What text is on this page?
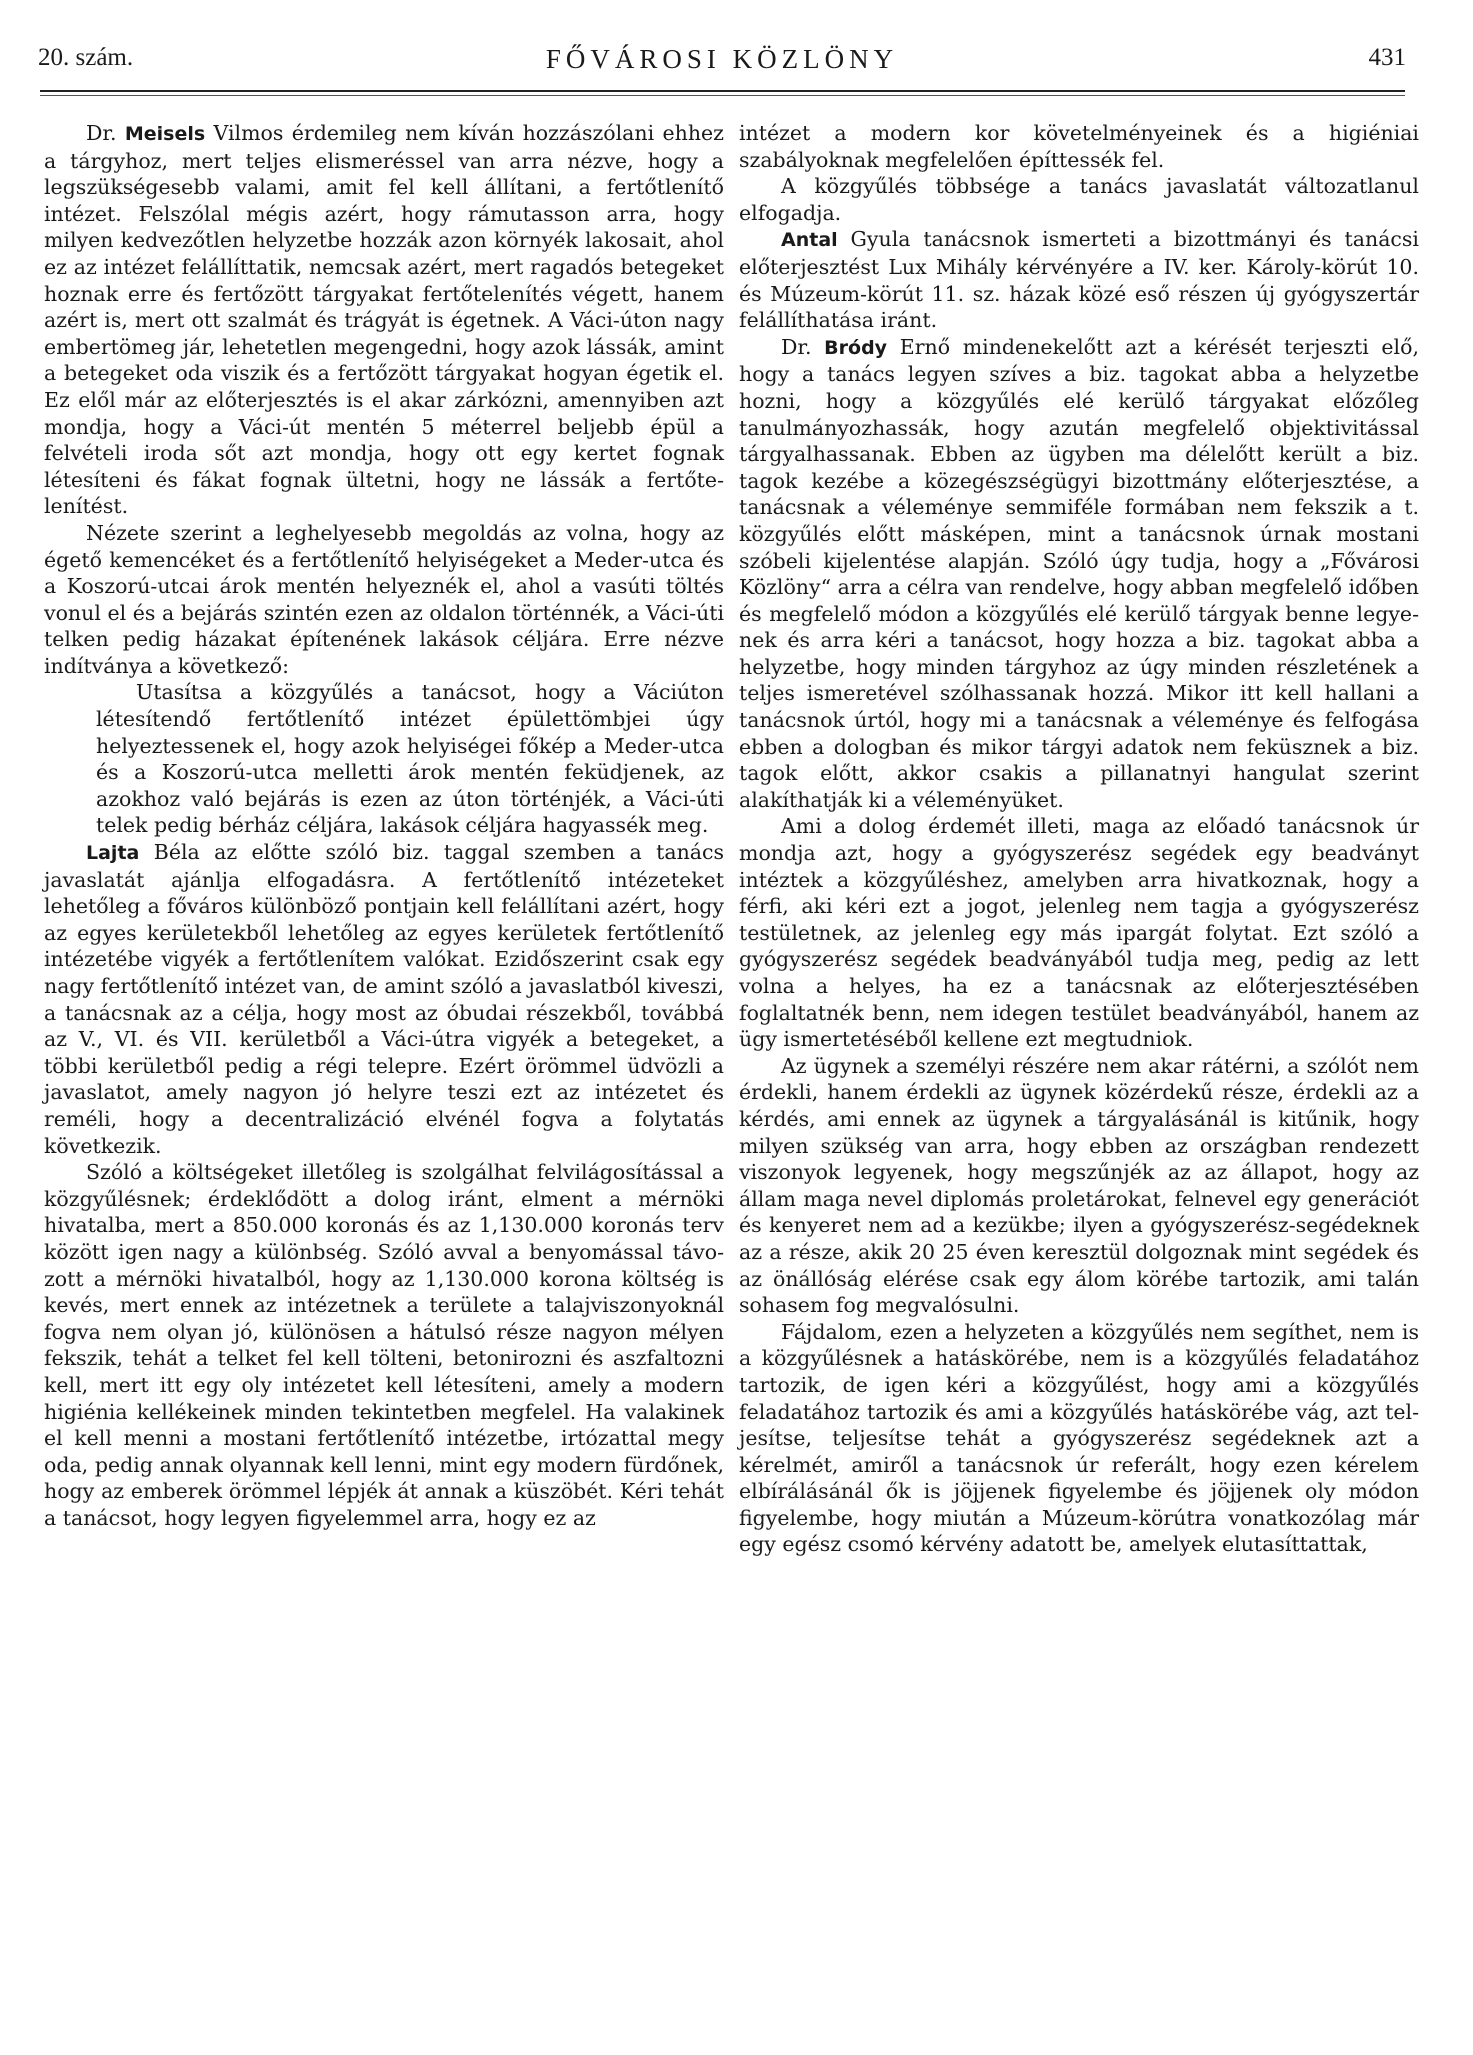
20. szám.	FŐVÁROSI KÖZLÖNY	431

Dr. Meisels Vilmos érdemileg nem kíván hozzászólani ehhez a tárgyhoz, mert teljes elismeréssel van arra nézve, hogy a legszükségesebb valami, amit fel kell állítani, a fertőtlenítő intézet. Felszólal mégis azért, hogy rámutasson arra, hogy milyen kedvezőtlen helyzetbe hozzák azon környék lakosait, ahol ez az intézet felállíttatik, nemcsak azért, mert ragadós betegeket hoznak erre és fertőzött tárgyakat fertőtelenítés végett, hanem azért is, mert ott szalmát és trágyát is égetnek. A Váci-úton nagy embertömeg jár, lehetetlen megengedni, hogy azok lássák, amint a betegeket oda viszik és a fertőzött tárgyakat hogyan égetik el. Ez elől már az előterjesztés is el akar zárkózni, amennyiben azt mondja, hogy a Váci-út mentén 5 méterrel beljebb épül a felvételi iroda sőt azt mondja, hogy ott egy kertet fognak létesíteni és fákat fognak ültetni, hogy ne lássák a fertőtelenítést.

Nézete szerint a leghelyesebb megoldás az volna, hogy az égető kemencéket és a fertőtlenítő helyiségeket a Meder-utca és a Koszorú-utcai árok mentén helyeznék el, ahol a vasúti töltés vonul el és a bejárás szintén ezen az oldalon történnék, a Váci-úti telken pedig házakat építenének lakások céljára. Erre nézve indítványa a következő:

Utasítsa a közgyűlés a tanácsot, hogy a Váciúton létesítendő fertőtlenítő intézet épülettömbjei úgy helyeztessenek el, hogy azok helyiségei főkép a Meder-utca és a Koszorú-utca melletti árok mentén feküdjenek, az azokhoz való bejárás is ezen az úton történjék, a Váci-úti telek pedig bérház céljára, lakások céljára hagyassék meg.

Lajta Béla az előtte szóló biz. taggal szemben a tanács javaslatát ajánlja elfogadásra. A fertőtlenítő intézeteket lehetőleg a főváros különböző pontjain kell felállítani azért, hogy az egyes kerületekből lehetőleg az egyes kerületek fertőtlenítő intézetébe vigyék a fertőtlenítem valókat. Ezidőszerint csak egy nagy fertőtlenítő intézet van, de amint szóló a javaslatból kiveszi, a tanácsnak az a célja, hogy most az óbudai részekből, továbbá az V., VI. és VII. kerületből a Váci-útra vigyék a betegeket, a többi kerületből pedig a régi telepre. Ezért örömmel üdvözli a javaslatot, amely nagyon jó helyre teszi ezt az intézetet és reméli, hogy a decentralizáció elvénél fogva a folytatás következik.

Szóló a költségeket illetőleg is szolgálhat felvilágosítással a közgyűlésnek; érdeklődött a dolog iránt, elment a mérnöki hivatalba, mert a 850.000 koronás és az 1,130.000 koronás terv között igen nagy a különbség. Szóló avval a benyomással távozott a mérnöki hivatalból, hogy az 1,130.000 korona költség is kevés, mert ennek az intézetnek a területe a talajviszonyoknál fogva nem olyan jó, különösen a hátulsó része nagyon mélyen fekszik, tehát a telket fel kell tölteni, betonirozni és aszfaltozni kell, mert itt egy oly intézetet kell létesíteni, amely a modern higiénia kellékeinek minden tekintetben megfelel. Ha valakinek el kell menni a mostani fertőtlenítő intézetbe, irtózattal megy oda, pedig annak olyannak kell lenni, mint egy modern fürdőnek, hogy az emberek örömmel lépjék át annak a küszöbét. Kéri tehát a tanácsot, hogy legyen figyelemmel arra, hogy ez az

intézet a modern kor követelményeinek és a higiéniai szabályoknak megfelelően építtessék fel.

A közgyűlés többsége a tanács javaslatát változatlanul elfogadja.

Antal Gyula tanácsnok ismerteti a bizottmányi és tanácsi előterjesztést Lux Mihály kérvényére a IV. ker. Károly-körút 10. és Múzeum-körút 11. sz. házak közé eső részen új gyógyszertár felállíthatása iránt.

Dr. Bródy Ernő mindenekelőtt azt a kérését terjeszti elő, hogy a tanács legyen szíves a biz. tagokat abba a helyzetbe hozni, hogy a közgyűlés elé kerülő tárgyakat előzőleg tanulmányozhassák, hogy azután megfelelő objektivitással tárgyalhassanak. Ebben az ügyben ma délelőtt került a biz. tagok kezébe a közegészségügyi bizottmány előterjesztése, a tanácsnak a véleménye semmiféle formában nem fekszik a t. közgyűlés előtt másképen, mint a tanácsnok úrnak mostani szóbeli kijelentése alapján. Szóló úgy tudja, hogy a „Fővárosi Közlöny“ arra a célra van rendelve, hogy abban megfelelő időben és megfelelő módon a közgyűlés elé kerülő tárgyak benne legyenek és arra kéri a tanácsot, hogy hozza a biz. tagokat abba a helyzetbe, hogy minden tárgyhoz az úgy minden részletének a teljes ismeretével szólhassanak hozzá. Mikor itt kell hallani a tanácsnok úrtól, hogy mi a tanácsnak a véleménye és felfogása ebben a dologban és mikor tárgyi adatok nem feküsznek a biz. tagok előtt, akkor csakis a pillanatnyi hangulat szerint alakíthatják ki a véleményüket.

Ami a dolog érdemét illeti, maga az előadó tanácsnok úr mondja azt, hogy a gyógyszerész segédek egy beadványt intéztek a közgyűléshez, amelyben arra hivatkoznak, hogy a férfi, aki kéri ezt a jogot, jelenleg nem tagja a gyógyszerész testületnek, az jelenleg egy más ipargát folytat. Ezt szóló a gyógyszerész segédek beadványából tudja meg, pedig az lett volna a helyes, ha ez a tanácsnak az előterjesztésében foglaltatnék benn, nem idegen testület beadványából, hanem az ügy ismertetéséből kellene ezt megtudniok.

Az ügynek a személyi részére nem akar rátérni, a szólót nem érdekli, hanem érdekli az ügynek közérdekű része, érdekli az a kérdés, ami ennek az ügynek a tárgyalásánál is kitűnik, hogy milyen szükség van arra, hogy ebben az országban rendezett viszonyok legyenek, hogy megszűnjék az az állapot, hogy az állam maga nevel diplomás proletárokat, felnevel egy generációt és kenyeret nem ad a kezükbe; ilyen a gyógyszerész-segédeknek az a része, akik 20 25 éven keresztül dolgoznak mint segédek és az önállóság elérése csak egy álom körébe tartozik, ami talán sohasem fog megvalósulni.

Fájdalom, ezen a helyzeten a közgyűlés nem segíthet, nem is a közgyűlésnek a hatáskörébe, nem is a közgyűlés feladatához tartozik, de igen kéri a közgyűlést, hogy ami a közgyűlés feladatához tartozik és ami a közgyűlés hatáskörébe vág, azt teljesítse, teljesítse tehát a gyógyszerész segédeknek azt a kérelmét, amiről a tanácsnok úr referált, hogy ezen kérelem elbírálásánál ők is jöjjenek figyelembe és jöjjenek oly módon figyelembe, hogy miután a Múzeum-körútra vonatkozólag már egy egész csomó kérvény adatott be, amelyek elutasíttattak,
